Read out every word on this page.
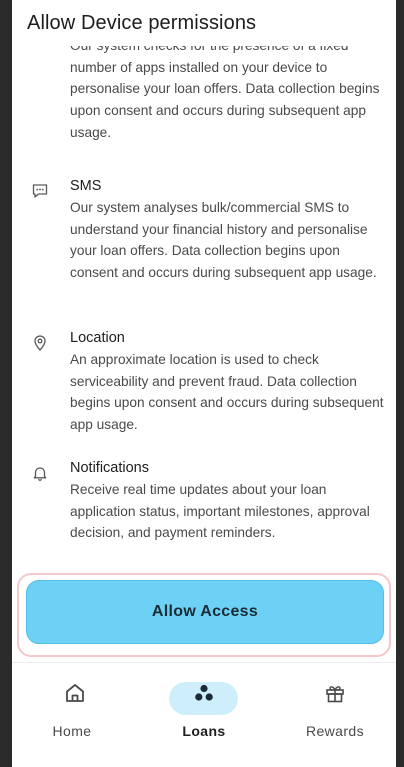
Allow Device permissions
number of apps installed on your device to personalise your loan offers. Data collection begins upon consent and occurs during subsequent app usage.
SMS
Our system analyses bulk/commercial SMS to understand your financial history and personalise your loan offers. Data collection begins upon consent and occurs during subsequent app usage.
Location
An approximate location is used to check serviceability and prevent fraud. Data collection begins upon consent and occurs during subsequent app usage.
Notifications
Receive real time updates about your loan application status, important milestones, approval decision, and payment reminders.
Allow Access
Home	Loans	Rewards
